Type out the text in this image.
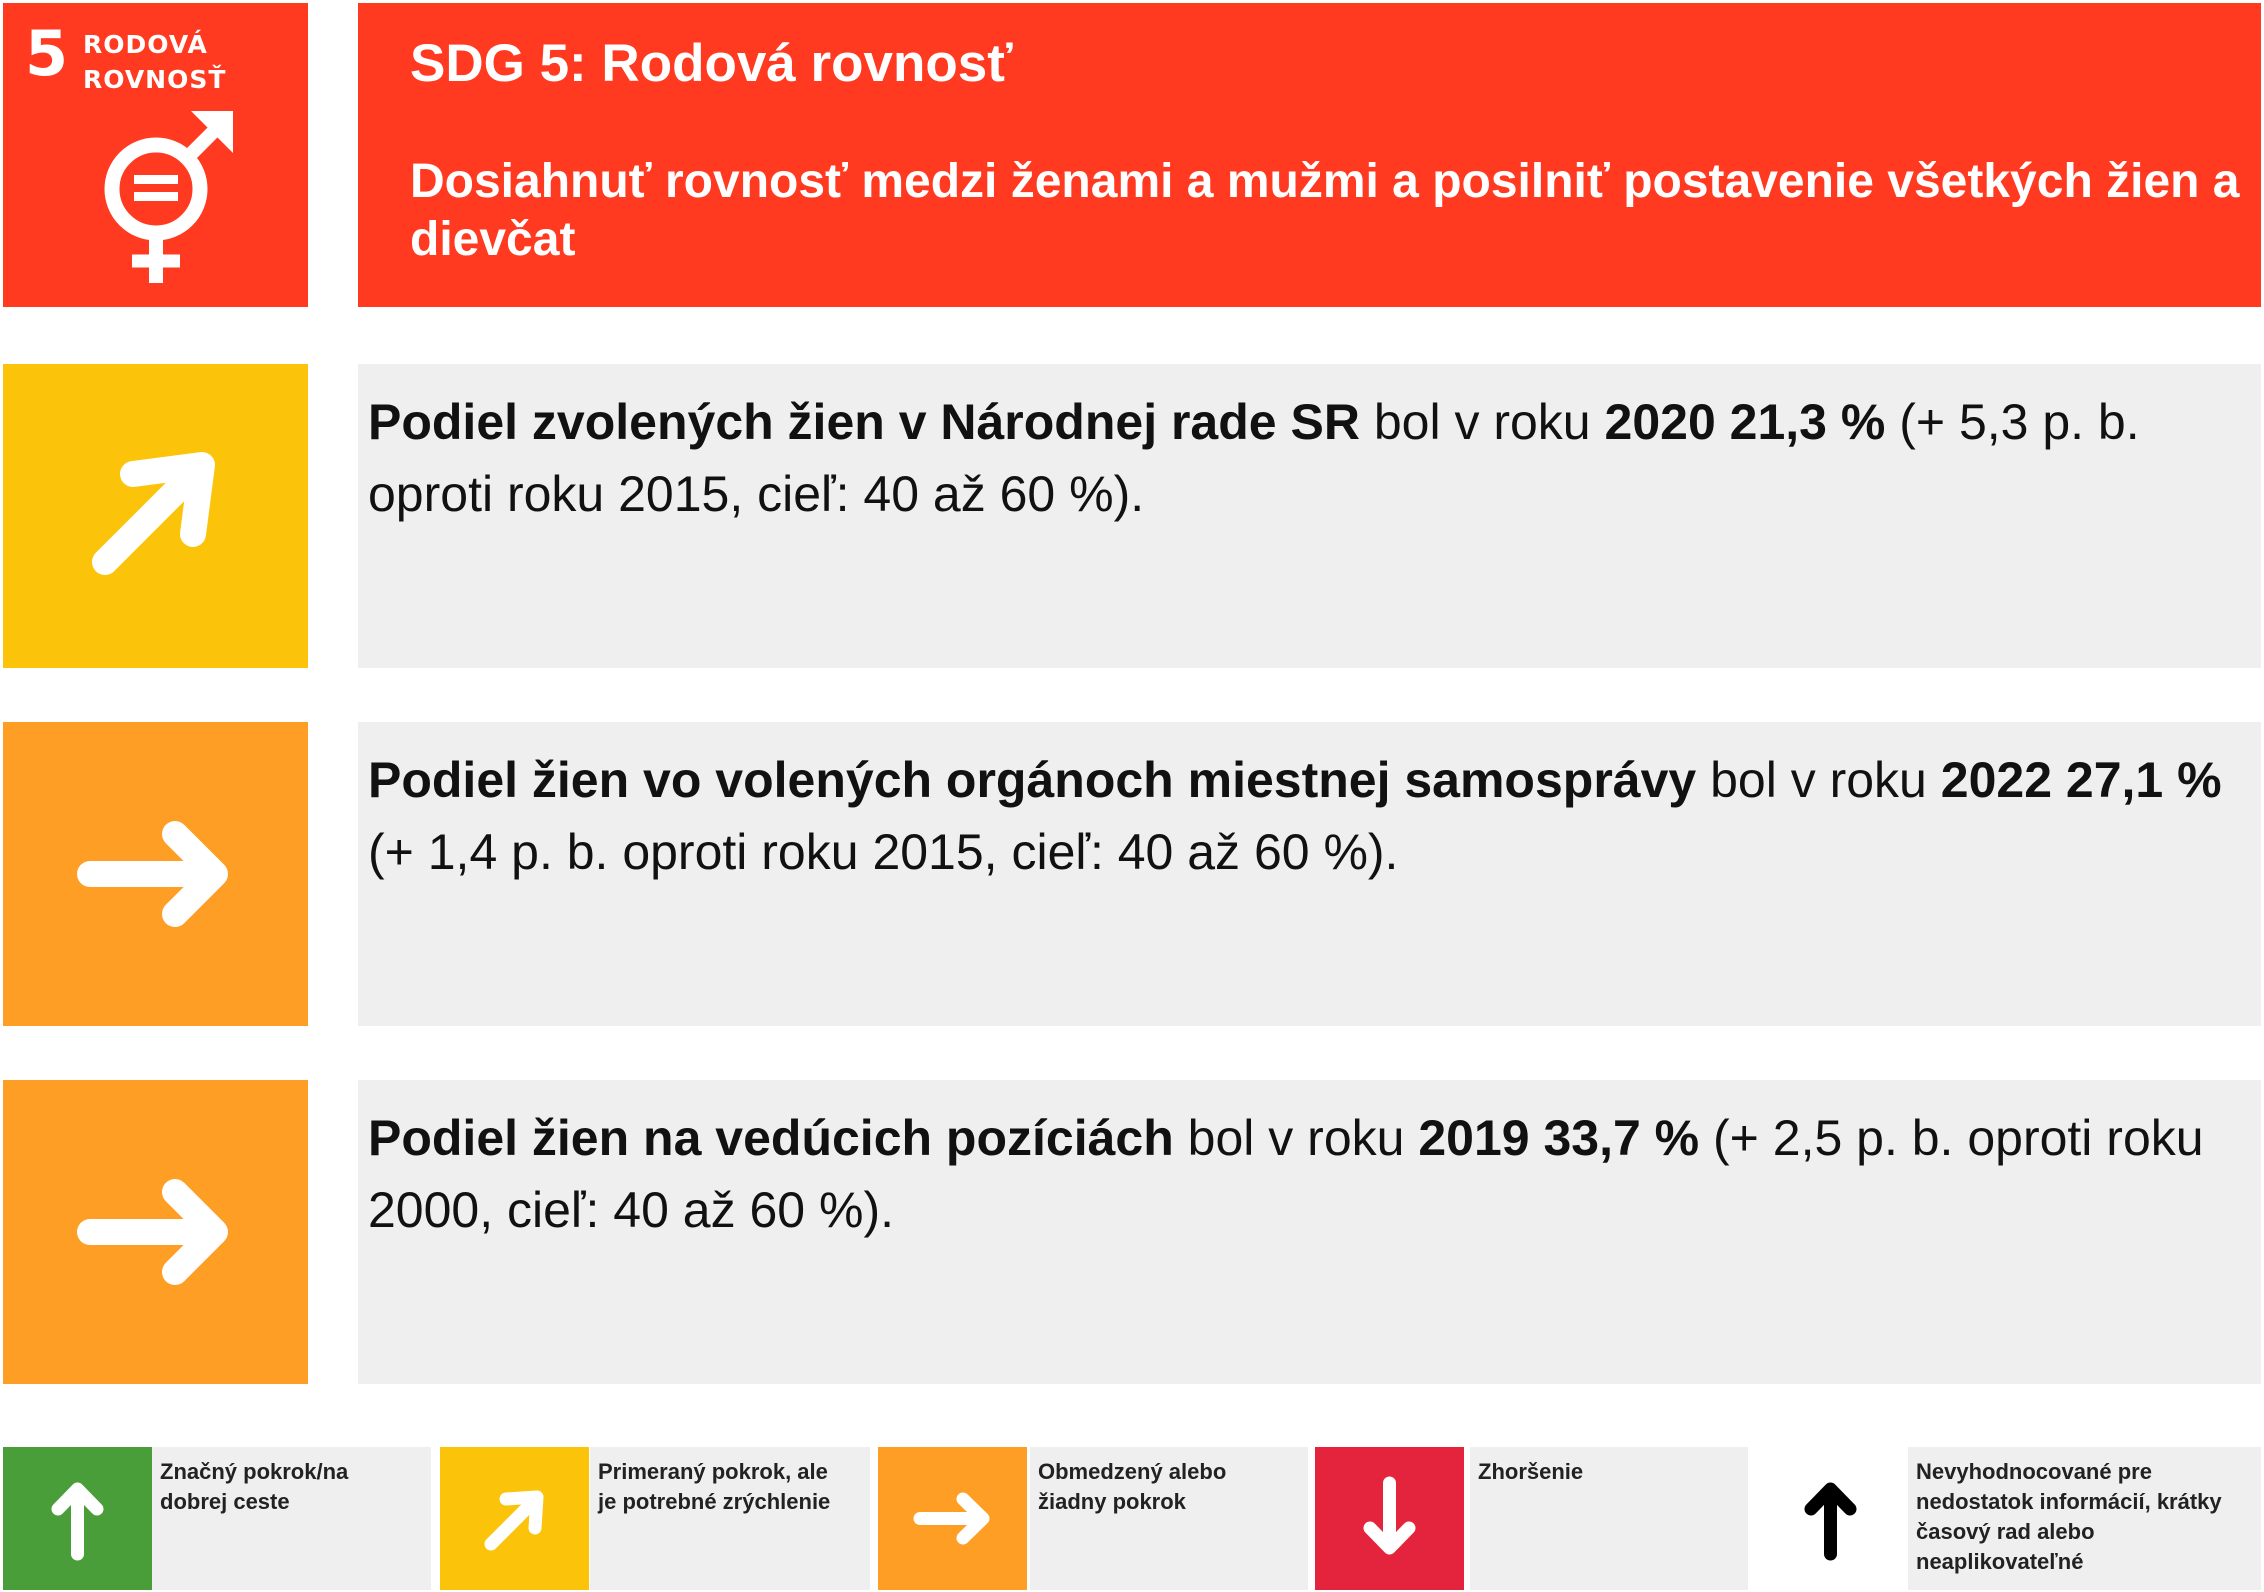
5 RODOVÁ
ROVNOSŤ	SDG 5: Rodová rovnosť
Dosiahnuť rovnosť medzi ženami a mužmi a posilniť postavenie všetkých žien a dievčat
Podiel zvolených žien v Národnej rade SR bol v roku 2020 21,3 % (+ 5,3 p. b. oproti roku 2015, cieľ: 40 až 60 %).
Podiel žien vo volených orgánoch miestnej samosprávy bol v roku 2022 27,1 % (+ 1,4 p. b. oproti roku 2015, cieľ: 40 až 60 %).
Podiel žien na vedúcich pozíciách bol v roku 2019 33,7 % (+ 2,5 p. b. oproti roku 2000, cieľ: 40 až 60 %).
Značný pokrok/na
dobrej ceste
Primeraný pokrok, ale
je potrebné zrýchlenie
Obmedzený alebo
žiadny pokrok
Zhoršenie	Nevyhodnocované pre
nedostatok informácií, krátky
časový rad alebo
neaplikovateľné
